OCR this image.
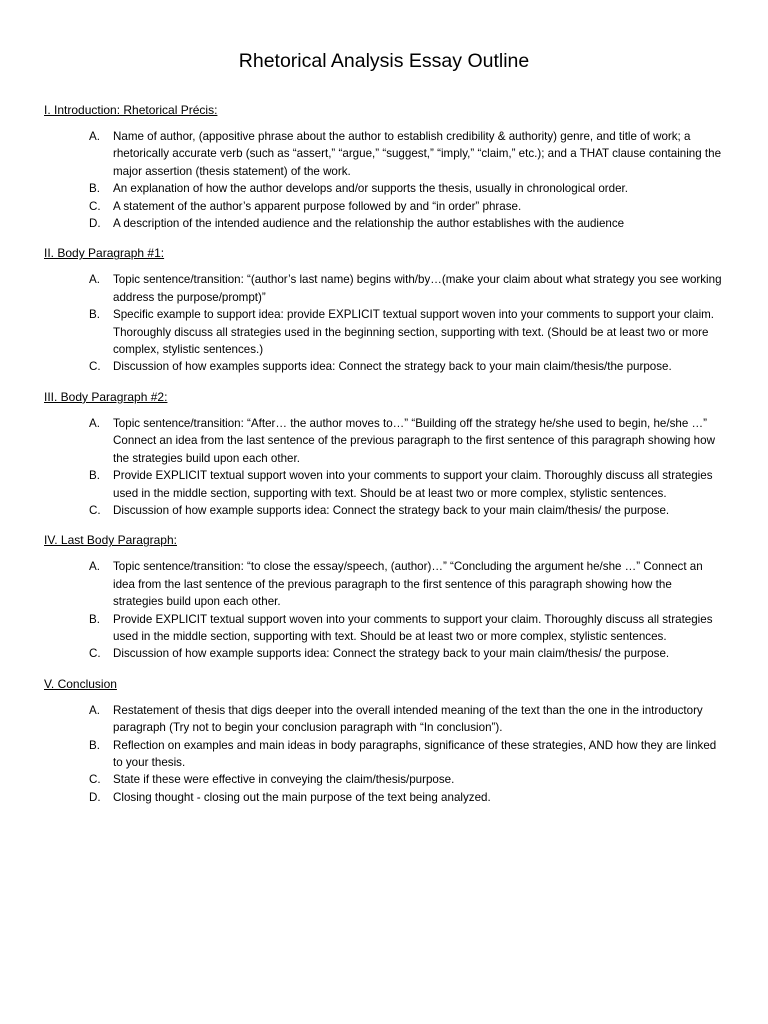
Rhetorical Analysis Essay Outline
I. Introduction: Rhetorical Précis:
A.	Name of author, (appositive phrase about the author to establish credibility & authority) genre, and title of work; a rhetorically accurate verb (such as “assert,” “argue,” “suggest,” “imply,” “claim,” etc.); and a THAT clause containing the major assertion (thesis statement) of the work.
B.	An explanation of how the author develops and/or supports the thesis, usually in chronological order.
C.	A statement of the author’s apparent purpose followed by and “in order” phrase.
D.	A description of the intended audience and the relationship the author establishes with the audience
II. Body Paragraph #1:
A.	Topic sentence/transition: “(author’s last name) begins with/by…(make your claim about what strategy you see working address the purpose/prompt)”
B.	Specific example to support idea: provide EXPLICIT textual support woven into your comments to support your claim. Thoroughly discuss all strategies used in the beginning section, supporting with text. (Should be at least two or more complex, stylistic sentences.)
C.	Discussion of how examples supports idea: Connect the strategy back to your main claim/thesis/the purpose.
III. Body Paragraph #2:
A.	Topic sentence/transition: “After… the author moves to…” “Building off the strategy he/she used to begin, he/she …” Connect an idea from the last sentence of the previous paragraph to the first sentence of this paragraph showing how the strategies build upon each other.
B.	Provide EXPLICIT textual support woven into your comments to support your claim. Thoroughly discuss all strategies used in the middle section, supporting with text. Should be at least two or more complex, stylistic sentences.
C.	Discussion of how example supports idea: Connect the strategy back to your main claim/thesis/ the purpose.
IV. Last Body Paragraph:
A.	Topic sentence/transition: “to close the essay/speech, (author)…” “Concluding the argument he/she …” Connect an idea from the last sentence of the previous paragraph to the first sentence of this paragraph showing how the strategies build upon each other.
B.	Provide EXPLICIT textual support woven into your comments to support your claim. Thoroughly discuss all strategies used in the middle section, supporting with text. Should be at least two or more complex, stylistic sentences.
C.	Discussion of how example supports idea: Connect the strategy back to your main claim/thesis/ the purpose.
V. Conclusion
A.	Restatement of thesis that digs deeper into the overall intended meaning of the text than the one in the introductory paragraph (Try not to begin your conclusion paragraph with “In conclusion”).
B.	Reflection on examples and main ideas in body paragraphs, significance of these strategies, AND how they are linked to your thesis.
C.	State if these were effective in conveying the claim/thesis/purpose.
D.	Closing thought - closing out the main purpose of the text being analyzed.
